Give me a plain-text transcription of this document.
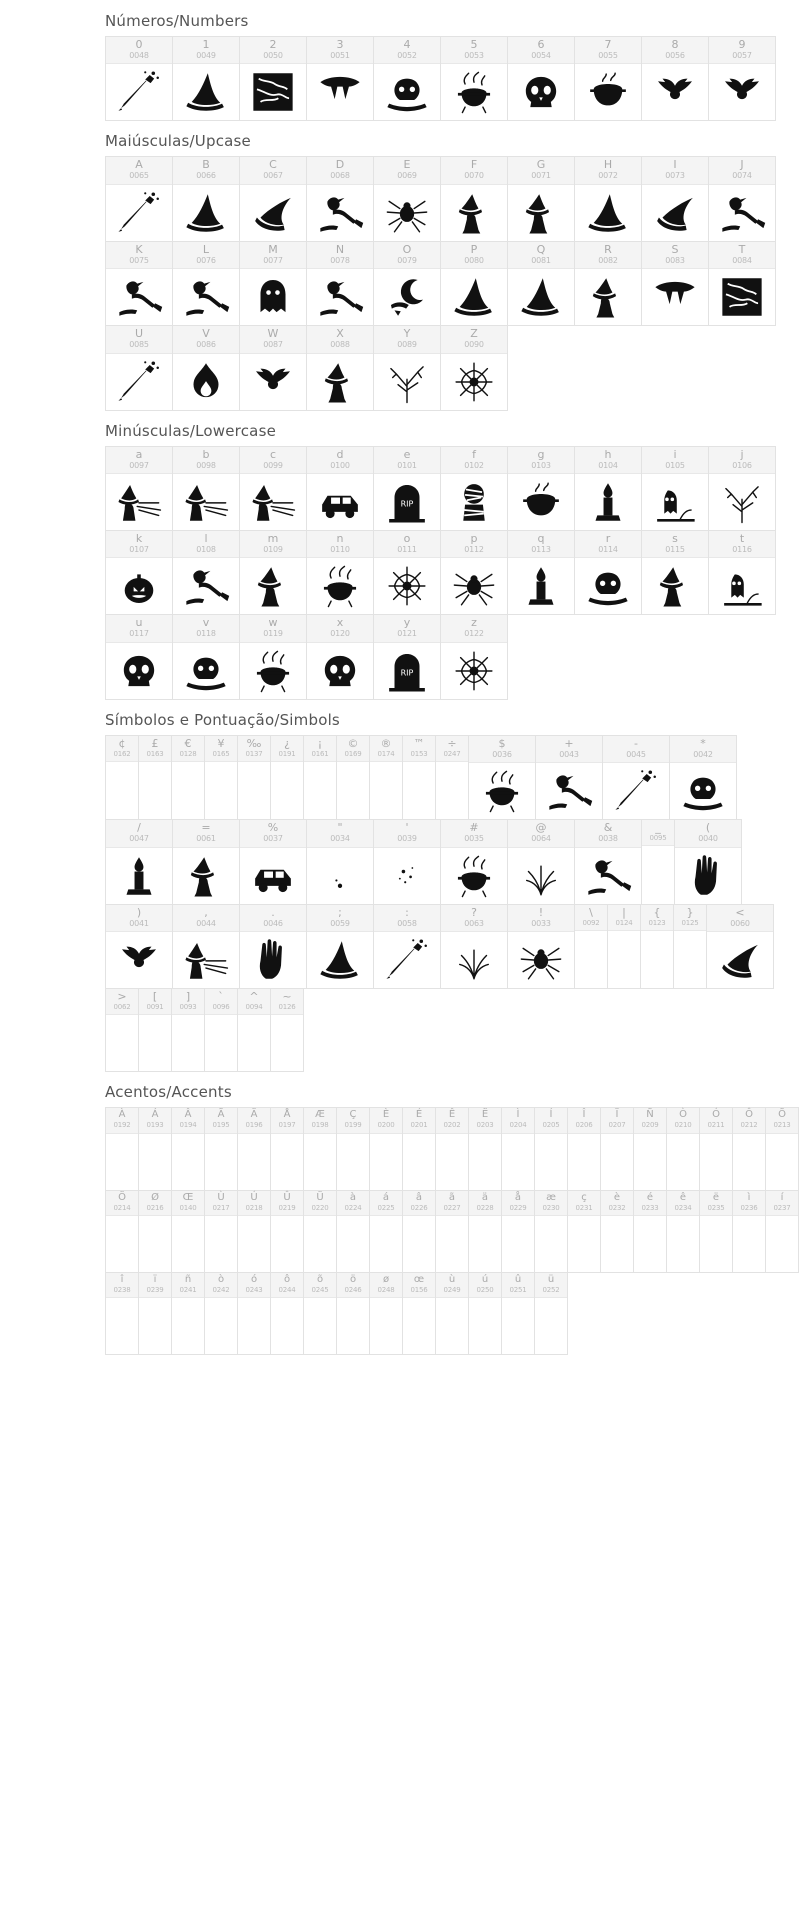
Números/Numbers
0
0048
1
0049
2
0050
3
0051
4
0052
5
0053
6
0054
7
0055
8
0056
9
0057
Maiúsculas/Upcase
A
0065
B
0066
C
0067
D
0068
E
0069
F
0070
G
0071
H
0072
I
0073
J
0074
K
0075
L
0076
M
0077
N
0078
O
0079
P
0080
Q
0081
R
0082
S
0083
T
0084
U
0085
V
0086
W
0087
X
0088
Y
0089
Z
0090
Minúsculas/Lowercase
a
0097
b
0098
c
0099
d
0100
e
0101
RIP
f
0102
g
0103
h
0104
i
0105
j
0106
k
0107
l
0108
m
0109
n
0110
o
0111
p
0112
q
0113
r
0114
s
0115
t
0116
u
0117
v
0118
w
0119
x
0120
y
0121
RIP
z
0122
Símbolos e Pontuação/Simbols
¢
0162
£
0163
€
0128
¥
0165
‰
0137
¿
0191
¡
0161
©
0169
®
0174
™
0153
÷
0247
$
0036
+
0043
-
0045
*
0042
/
0047
=
0061
%
0037
"
0034
'
0039
#
0035
@
0064
&
0038
_
0095
(
0040
)
0041
,
0044
.
0046
;
0059
:
0058
?
0063
!
0033
\
0092
|
0124
{
0123
}
0125
<
0060
>
0062
[
0091
]
0093
`
0096
^
0094
~
0126
Acentos/Accents
À
0192
Á
0193
Â
0194
Ã
0195
Ä
0196
Å
0197
Æ
0198
Ç
0199
È
0200
É
0201
Ê
0202
Ë
0203
Ì
0204
Í
0205
Î
0206
Ï
0207
Ñ
0209
Ò
0210
Ó
0211
Ô
0212
Õ
0213
Ö
0214
Ø
0216
Œ
0140
Ù
0217
Ú
0218
Û
0219
Ü
0220
à
0224
á
0225
â
0226
ã
0227
ä
0228
å
0229
æ
0230
ç
0231
è
0232
é
0233
ê
0234
ë
0235
ì
0236
í
0237
î
0238
ï
0239
ñ
0241
ò
0242
ó
0243
ô
0244
õ
0245
ö
0246
ø
0248
œ
0156
ù
0249
ú
0250
û
0251
ü
0252
